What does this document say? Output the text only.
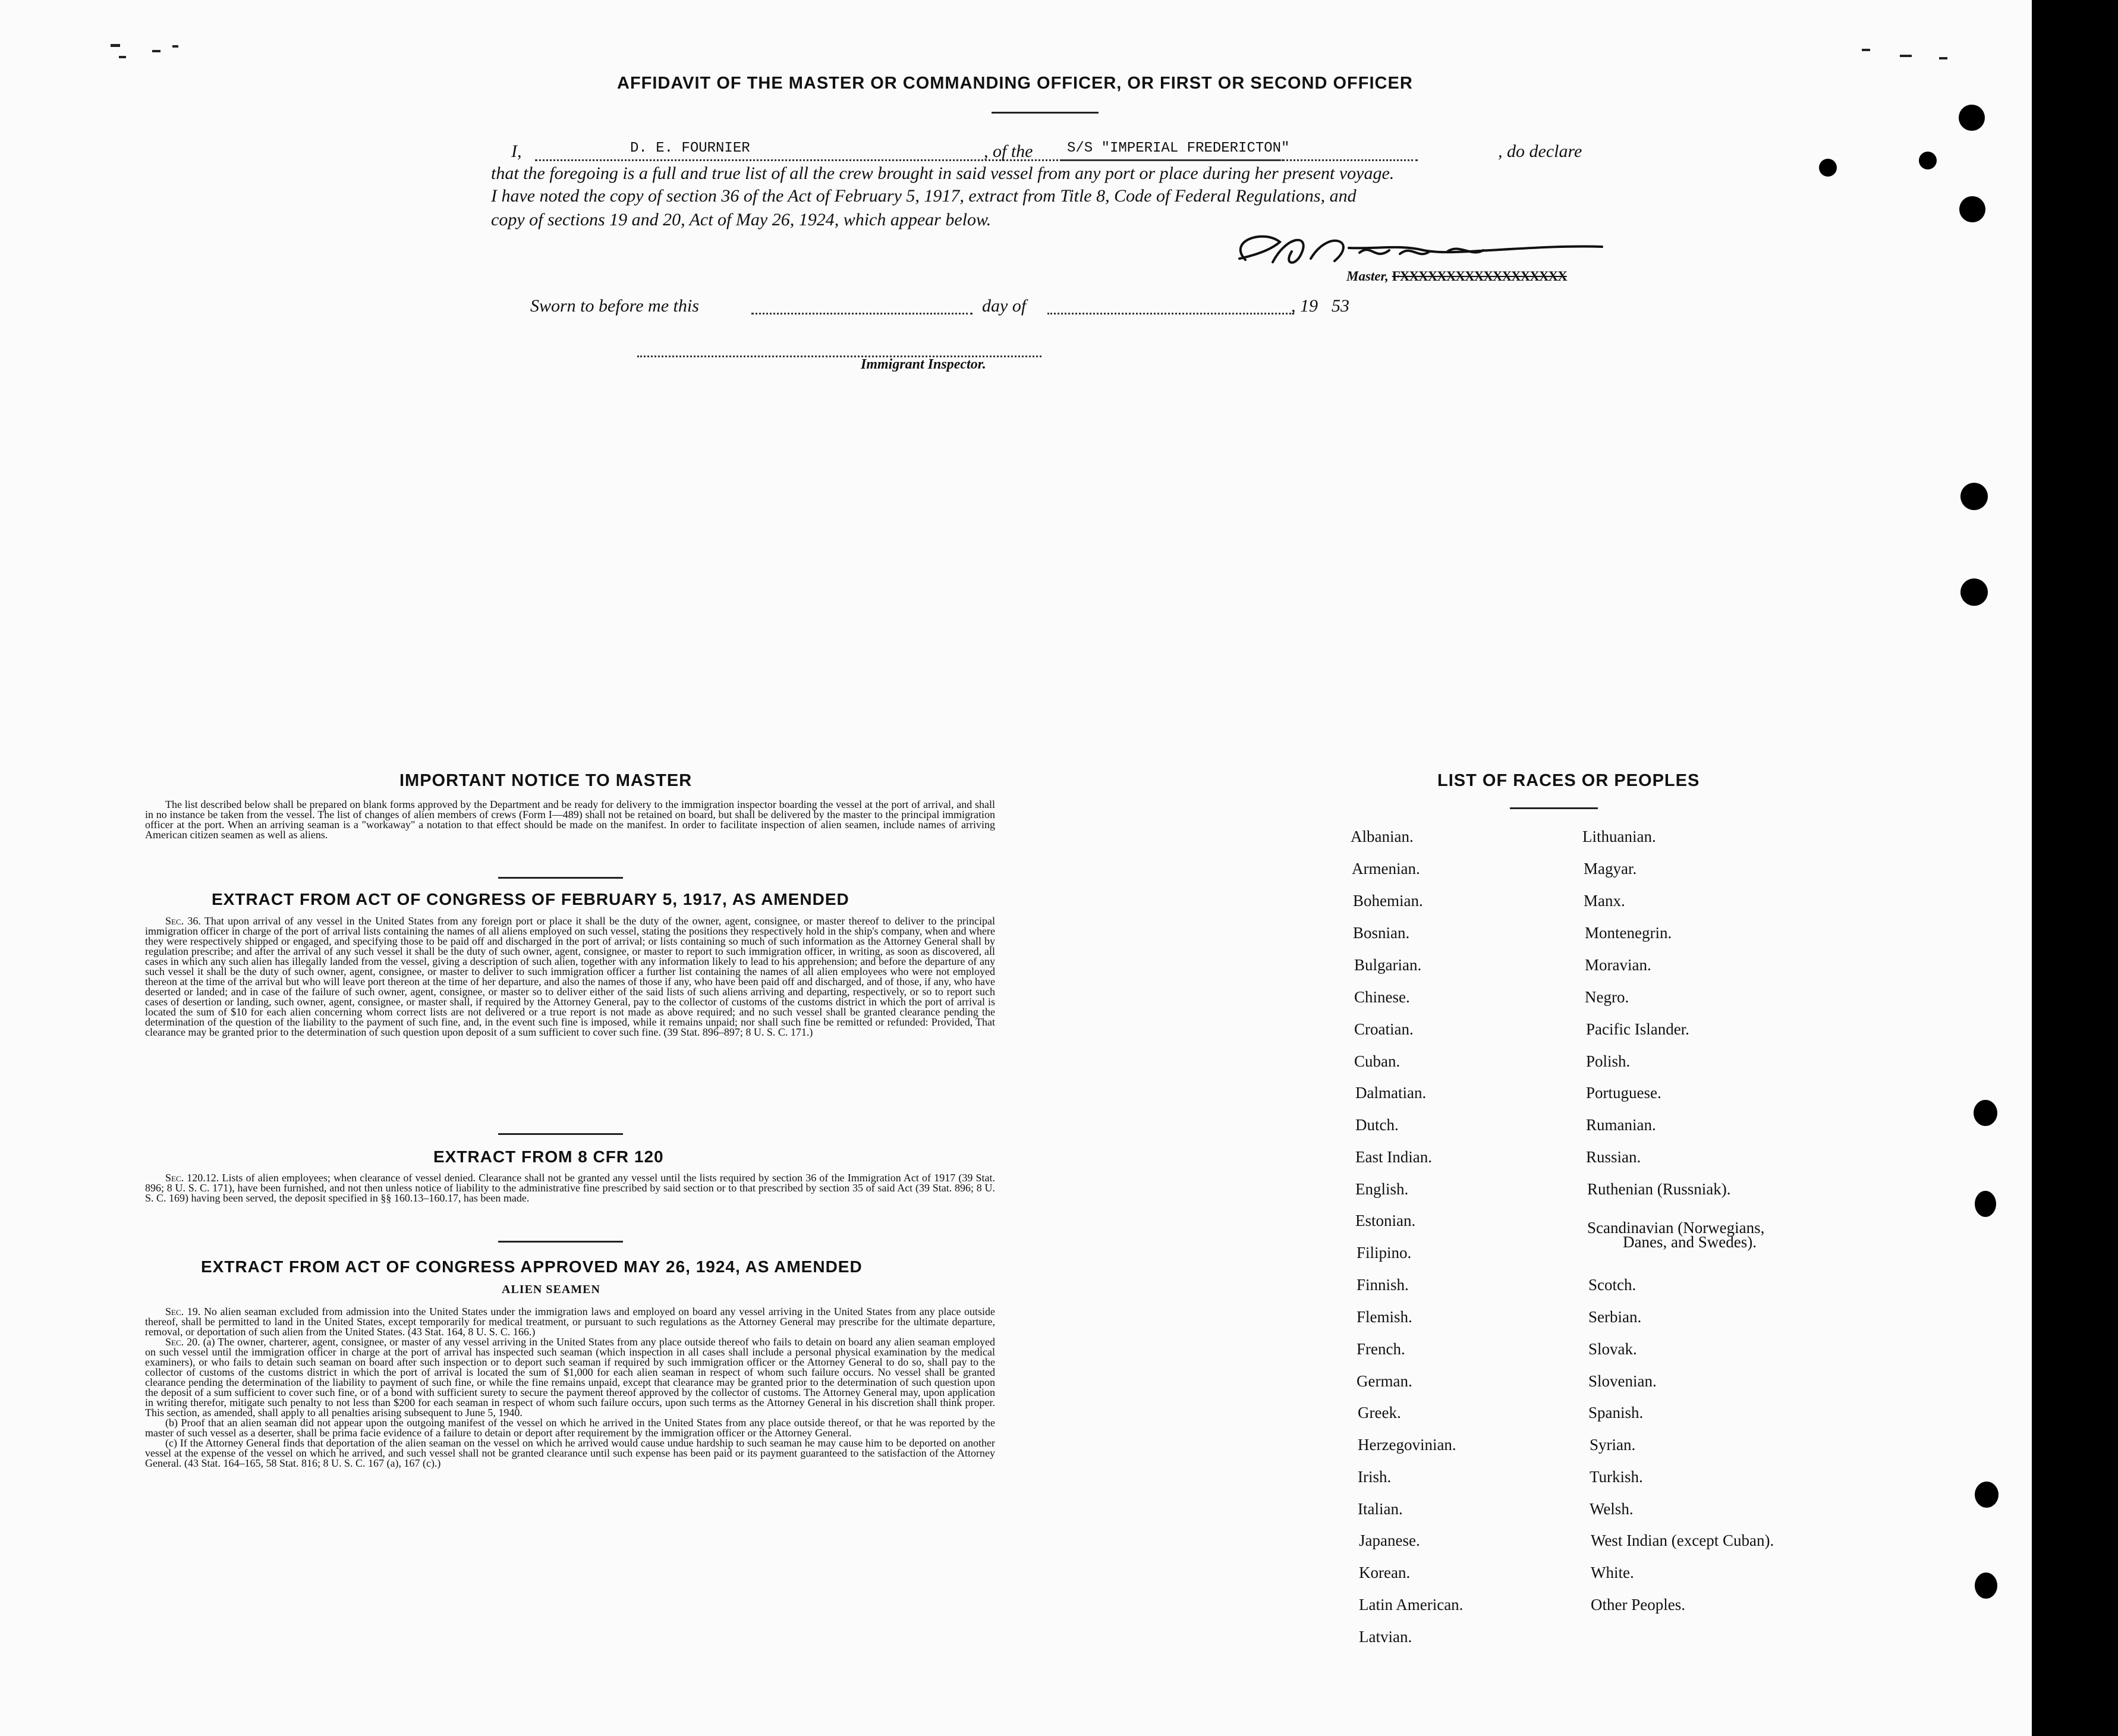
AFFIDAVIT OF THE MASTER OR COMMANDING OFFICER, OR FIRST OR SECOND OFFICER
I,	D. E. FOURNIER	, of the S/S "IMPERIAL FREDERICTON"	, do declare
that the foregoing is a full and true list of all the crew brought in said vessel from any port or place during her present voyage.
I have noted the copy of section 36 of the Act of February 5, 1917, extract from Title 8, Code of Federal Regulations, and
copy of sections 19 and 20, Act of May 26, 1924, which appear below.
Master, FXXXXXXXXXXXXXXXXXX
Sworn to before me this	day of	, 19 53
Immigrant Inspector.
IMPORTANT NOTICE TO MASTER

The list described below shall be prepared on blank forms approved by the Department and be ready for delivery to the immigration inspector boarding the vessel at the port of arrival, and shall in no instance be taken from the vessel. The list of changes of alien members of crews (Form I—489) shall not be retained on board, but shall be delivered by the master to the principal immigration officer at the port. When an arriving seaman is a "workaway" a notation to that effect should be made on the manifest. In order to facilitate inspection of alien seamen, include names of arriving American citizen seamen as well as aliens.

EXTRACT FROM ACT OF CONGRESS OF FEBRUARY 5, 1917, AS AMENDED

Sec. 36. That upon arrival of any vessel in the United States from any foreign port or place it shall be the duty of the owner, agent, consignee, or master thereof to deliver to the principal immigration officer in charge of the port of arrival lists containing the names of all aliens employed on such vessel, stating the positions they respectively hold in the ship's company, when and where they were respectively shipped or engaged, and specifying those to be paid off and discharged in the port of arrival; or lists containing so much of such information as the Attorney General shall by regulation prescribe; and after the arrival of any such vessel it shall be the duty of such owner, agent, consignee, or master to report to such immigration officer, in writing, as soon as discovered, all cases in which any such alien has illegally landed from the vessel, giving a description of such alien, together with any information likely to lead to his apprehension; and before the departure of any such vessel it shall be the duty of such owner, agent, consignee, or master to deliver to such immigration officer a further list containing the names of all alien employees who were not employed thereon at the time of the arrival but who will leave port thereon at the time of her departure, and also the names of those if any, who have been paid off and discharged, and of those, if any, who have deserted or landed; and in case of the failure of such owner, agent, consignee, or master so to deliver either of the said lists of such aliens arriving and departing, respectively, or so to report such cases of desertion or landing, such owner, agent, consignee, or master shall, if required by the Attorney General, pay to the collector of customs of the customs district in which the port of arrival is located the sum of $10 for each alien concerning whom correct lists are not delivered or a true report is not made as above required; and no such vessel shall be granted clearance pending the determination of the question of the liability to the payment of such fine, and, in the event such fine is imposed, while it remains unpaid; nor shall such fine be remitted or refunded: Provided, That clearance may be granted prior to the determination of such question upon deposit of a sum sufficient to cover such fine. (39 Stat. 896–897; 8 U. S. C. 171.)

EXTRACT FROM 8 CFR 120

Sec. 120.12. Lists of alien employees; when clearance of vessel denied. Clearance shall not be granted any vessel until the lists required by section 36 of the Immigration Act of 1917 (39 Stat. 896; 8 U. S. C. 171), have been furnished, and not then unless notice of liability to the administrative fine prescribed by said section or to that prescribed by section 35 of said Act (39 Stat. 896; 8 U. S. C. 169) having been served, the deposit specified in §§ 160.13–160.17, has been made.

EXTRACT FROM ACT OF CONGRESS APPROVED MAY 26, 1924, AS AMENDED
ALIEN SEAMEN

Sec. 19. No alien seaman excluded from admission into the United States under the immigration laws and employed on board any vessel arriving in the United States from any place outside thereof, shall be permitted to land in the United States, except temporarily for medical treatment, or pursuant to such regulations as the Attorney General may prescribe for the ultimate departure, removal, or deportation of such alien from the United States. (43 Stat. 164, 8 U. S. C. 166.)

Sec. 20. (a) The owner, charterer, agent, consignee, or master of any vessel arriving in the United States from any place outside thereof who fails to detain on board any alien seaman employed on such vessel until the immigration officer in charge at the port of arrival has inspected such seaman (which inspection in all cases shall include a personal physical examination by the medical examiners), or who fails to detain such seaman on board after such inspection or to deport such seaman if required by such immigration officer or the Attorney General to do so, shall pay to the collector of customs of the customs district in which the port of arrival is located the sum of $1,000 for each alien seaman in respect of whom such failure occurs. No vessel shall be granted clearance pending the determination of the liability to payment of such fine, or while the fine remains unpaid, except that clearance may be granted prior to the determination of such question upon the deposit of a sum sufficient to cover such fine, or of a bond with sufficient surety to secure the payment thereof approved by the collector of customs. The Attorney General may, upon application in writing therefor, mitigate such penalty to not less than $200 for each seaman in respect of whom such failure occurs, upon such terms as the Attorney General in his discretion shall think proper. This section, as amended, shall apply to all penalties arising subsequent to June 5, 1940.

(b) Proof that an alien seaman did not appear upon the outgoing manifest of the vessel on which he arrived in the United States from any place outside thereof, or that he was reported by the master of such vessel as a deserter, shall be prima facie evidence of a failure to detain or deport after requirement by the immigration officer or the Attorney General.

(c) If the Attorney General finds that deportation of the alien seaman on the vessel on which he arrived would cause undue hardship to such seaman he may cause him to be deported on another vessel at the expense of the vessel on which he arrived, and such vessel shall not be granted clearance until such expense has been paid or its payment guaranteed to the satisfaction of the Attorney General. (43 Stat. 164–165, 58 Stat. 816; 8 U. S. C. 167 (a), 167 (c).)

LIST OF RACES OR PEOPLES
Albanian.
Armenian.
Bohemian.
Bosnian.
Bulgarian.
Chinese.
Croatian.
Cuban.
Dalmatian.
Dutch.
East Indian.
English.
Estonian.
Filipino.
Finnish.
Flemish.
French.
German.
Greek.
Herzegovinian.
Irish.
Italian.
Japanese.
Korean.
Latin American.
Latvian.
Lithuanian.
Magyar.
Manx.
Montenegrin.
Moravian.
Negro.
Pacific Islander.
Polish.
Portuguese.
Rumanian.
Russian.
Ruthenian (Russniak).
Scandinavian (Norwegians,
Danes, and Swedes).
Scotch.
Serbian.
Slovak.
Slovenian.
Spanish.
Syrian.
Turkish.
Welsh.
West Indian (except Cuban).
White.
Other Peoples.
